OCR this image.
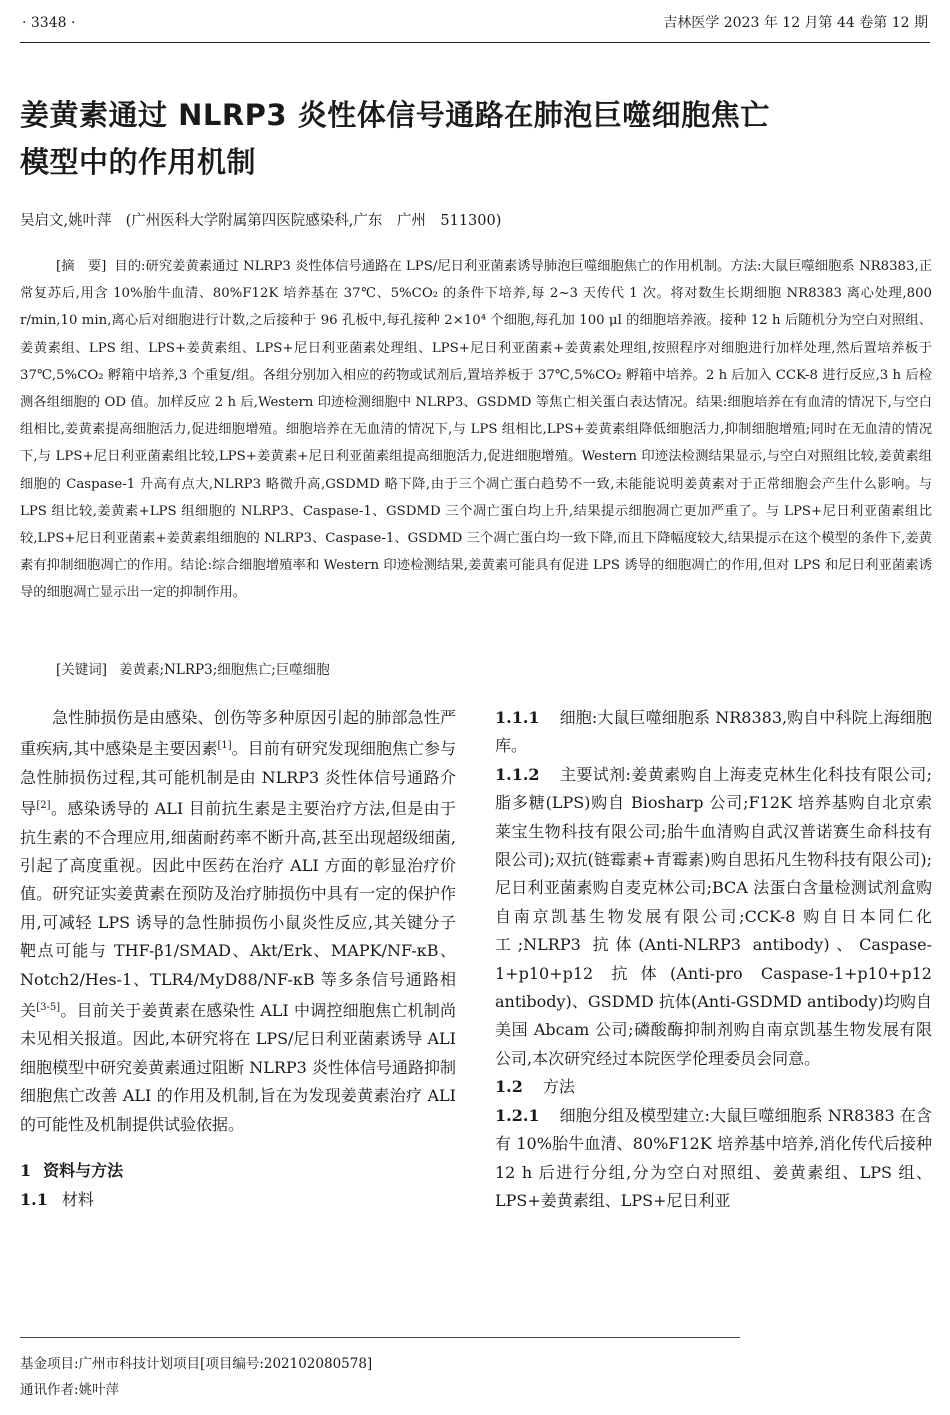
· 3348 ·	吉林医学 2023 年 12 月第 44 卷第 12 期
姜黄素通过 NLRP3 炎性体信号通路在肺泡巨噬细胞焦亡
模型中的作用机制
吴启文,姚叶萍 (广州医科大学附属第四医院感染科,广东　广州　511300)
[摘　要] 目的:研究姜黄素通过 NLRP3 炎性体信号通路在 LPS/尼日利亚菌素诱导肺泡巨噬细胞焦亡的作用机制。方法:大鼠巨噬细胞系 NR8383,正常复苏后,用含 10%胎牛血清、80%F12K 培养基在 37℃、5%CO₂ 的条件下培养,每 2~3 天传代 1 次。将对数生长期细胞 NR8383 离心处理,800 r/min,10 min,离心后对细胞进行计数,之后接种于 96 孔板中,每孔接种 2×10⁴ 个细胞,每孔加 100 μl 的细胞培养液。接种 12 h 后随机分为空白对照组、姜黄素组、LPS 组、LPS+姜黄素组、LPS+尼日利亚菌素处理组、LPS+尼日利亚菌素+姜黄素处理组,按照程序对细胞进行加样处理,然后置培养板于 37℃,5%CO₂ 孵箱中培养,3 个重复/组。各组分别加入相应的药物或试剂后,置培养板于 37℃,5%CO₂ 孵箱中培养。2 h 后加入 CCK-8 进行反应,3 h 后检测各组细胞的 OD 值。加样反应 2 h 后,Western 印迹检测细胞中 NLRP3、GSDMD 等焦亡相关蛋白表达情况。结果:细胞培养在有血清的情况下,与空白组相比,姜黄素提高细胞活力,促进细胞增殖。细胞培养在无血清的情况下,与 LPS 组相比,LPS+姜黄素组降低细胞活力,抑制细胞增殖;同时在无血清的情况下,与 LPS+尼日利亚菌素组比较,LPS+姜黄素+尼日利亚菌素组提高细胞活力,促进细胞增殖。Western 印迹法检测结果显示,与空白对照组比较,姜黄素组细胞的 Caspase-1 升高有点大,NLRP3 略微升高,GSDMD 略下降,由于三个凋亡蛋白趋势不一致,未能能说明姜黄素对于正常细胞会产生什么影响。与 LPS 组比较,姜黄素+LPS 组细胞的 NLRP3、Caspase-1、GSDMD 三个凋亡蛋白均上升,结果提示细胞凋亡更加严重了。与 LPS+尼日利亚菌素组比较,LPS+尼日利亚菌素+姜黄素组细胞的 NLRP3、Caspase-1、GSDMD 三个凋亡蛋白均一致下降,而且下降幅度较大,结果提示在这个模型的条件下,姜黄素有抑制细胞凋亡的作用。结论:综合细胞增殖率和 Western 印迹检测结果,姜黄素可能具有促进 LPS 诱导的细胞凋亡的作用,但对 LPS 和尼日利亚菌素诱导的细胞凋亡显示出一定的抑制作用。
[关键词] 姜黄素;NLRP3;细胞焦亡;巨噬细胞

急性肺损伤是由感染、创伤等多种原因引起的肺部急性严重疾病,其中感染是主要因素[1]。目前有研究发现细胞焦亡参与急性肺损伤过程,其可能机制是由 NLRP3 炎性体信号通路介导[2]。感染诱导的 ALI 目前抗生素是主要治疗方法,但是由于抗生素的不合理应用,细菌耐药率不断升高,甚至出现超级细菌,引起了高度重视。因此中医药在治疗 ALI 方面的彰显治疗价值。研究证实姜黄素在预防及治疗肺损伤中具有一定的保护作用,可减轻 LPS 诱导的急性肺损伤小鼠炎性反应,其关键分子靶点可能与 THF-β1/SMAD、Akt/Erk、MAPK/NF-κB、Notch2/Hes-1、TLR4/MyD88/NF-κB 等多条信号通路相关[3-5]。目前关于姜黄素在感染性 ALI 中调控细胞焦亡机制尚未见相关报道。因此,本研究将在 LPS/尼日利亚菌素诱导 ALI 细胞模型中研究姜黄素通过阻断 NLRP3 炎性体信号通路抑制细胞焦亡改善 ALI 的作用及机制,旨在为发现姜黄素治疗 ALI 的可能性及机制提供试验依据。

1 资料与方法

1.1 材料

1.1.1 细胞:大鼠巨噬细胞系 NR8383,购自中科院上海细胞库。

1.1.2 主要试剂:姜黄素购自上海麦克林生化科技有限公司;脂多糖(LPS)购自 Biosharp 公司;F12K 培养基购自北京索莱宝生物科技有限公司;胎牛血清购自武汉普诺赛生命科技有限公司);双抗(链霉素+青霉素)购自思拓凡生物科技有限公司);尼日利亚菌素购自麦克林公司;BCA 法蛋白含量检测试剂盒购自南京凯基生物发展有限公司;CCK-8 购自日本同仁化工;NLRP3 抗体(Anti-NLRP3 antibody)、Caspase-1+p10+p12 抗体(Anti-pro Caspase-1+p10+p12 antibody)、GSDMD 抗体(Anti-GSDMD antibody)均购自美国 Abcam 公司;磷酸酶抑制剂购自南京凯基生物发展有限公司,本次研究经过本院医学伦理委员会同意。

1.2 方法

1.2.1 细胞分组及模型建立:大鼠巨噬细胞系 NR8383 在含有 10%胎牛血清、80%F12K 培养基中培养,消化传代后接种 12 h 后进行分组,分为空白对照组、姜黄素组、LPS 组、LPS+姜黄素组、LPS+尼日利亚

基金项目:广州市科技计划项目[项目编号:202102080578]
通讯作者:姚叶萍
